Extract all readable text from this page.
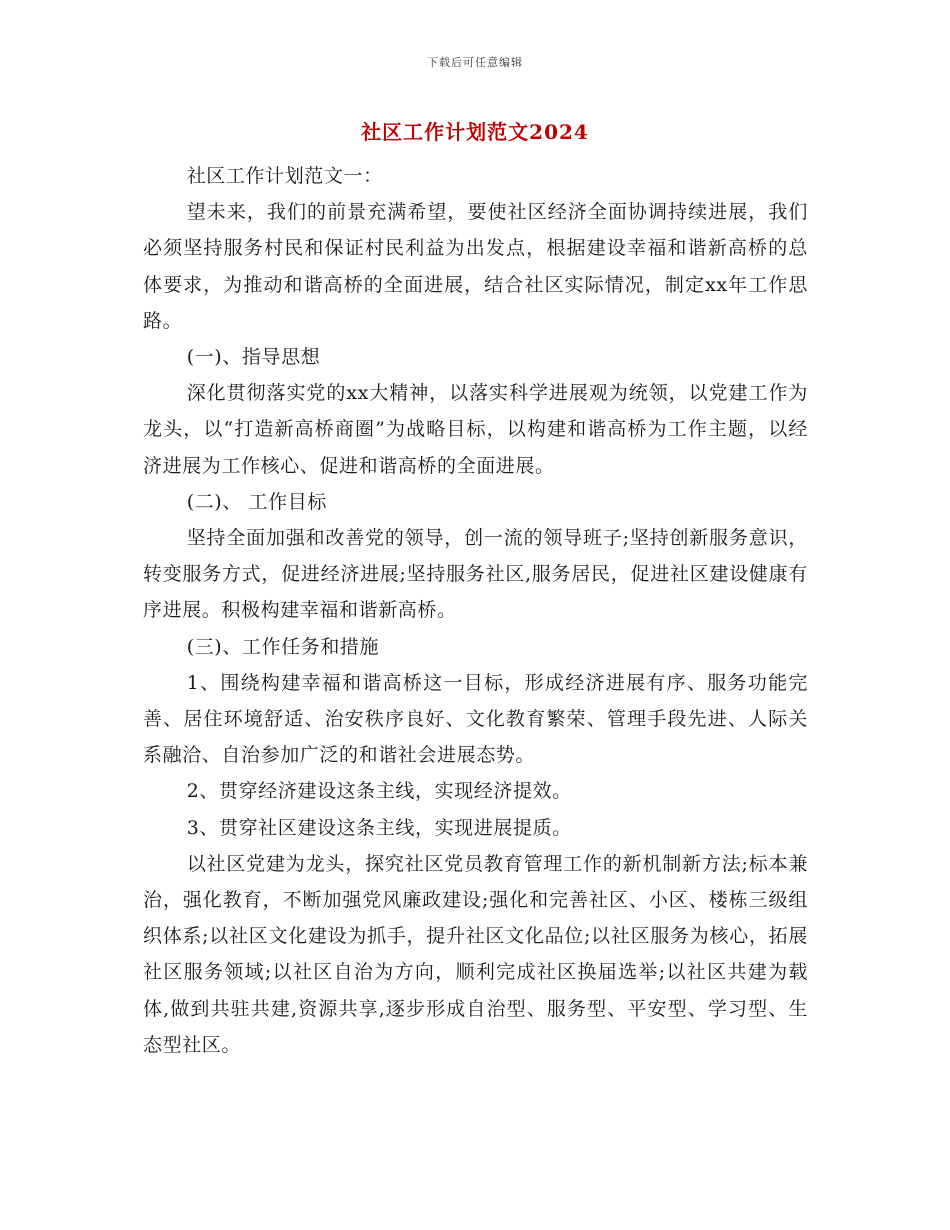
下载后可任意编辑
社区工作计划范文2024

社区工作计划范文一：

望未来，我们的前景充满希望，要使社区经济全面协调持续进展，我们必须坚持服务村民和保证村民利益为出发点，根据建设幸福和谐新高桥的总体要求，为推动和谐高桥的全面进展，结合社区实际情况，制定xx年工作思路。

(一)、指导思想

深化贯彻落实党的xx大精神，以落实科学进展观为统领，以党建工作为龙头，以“打造新高桥商圈”为战略目标，以构建和谐高桥为工作主题，以经济进展为工作核心、促进和谐高桥的全面进展。

(二)、 工作目标

坚持全面加强和改善党的领导，创一流的领导班子;坚持创新服务意识，转变服务方式，促进经济进展;坚持服务社区,服务居民，促进社区建设健康有序进展。积极构建幸福和谐新高桥。

(三)、工作任务和措施

1、围绕构建幸福和谐高桥这一目标，形成经济进展有序、服务功能完善、居住环境舒适、治安秩序良好、文化教育繁荣、管理手段先进、人际关系融洽、自治参加广泛的和谐社会进展态势。

2、贯穿经济建设这条主线，实现经济提效。

3、贯穿社区建设这条主线，实现进展提质。

以社区党建为龙头，探究社区党员教育管理工作的新机制新方法;标本兼治，强化教育，不断加强党风廉政建设;强化和完善社区、小区、楼栋三级组织体系;以社区文化建设为抓手，提升社区文化品位;以社区服务为核心，拓展社区服务领域;以社区自治为方向，顺利完成社区换届选举;以社区共建为载体,做到共驻共建,资源共享,逐步形成自治型、服务型、平安型、学习型、生态型社区。
